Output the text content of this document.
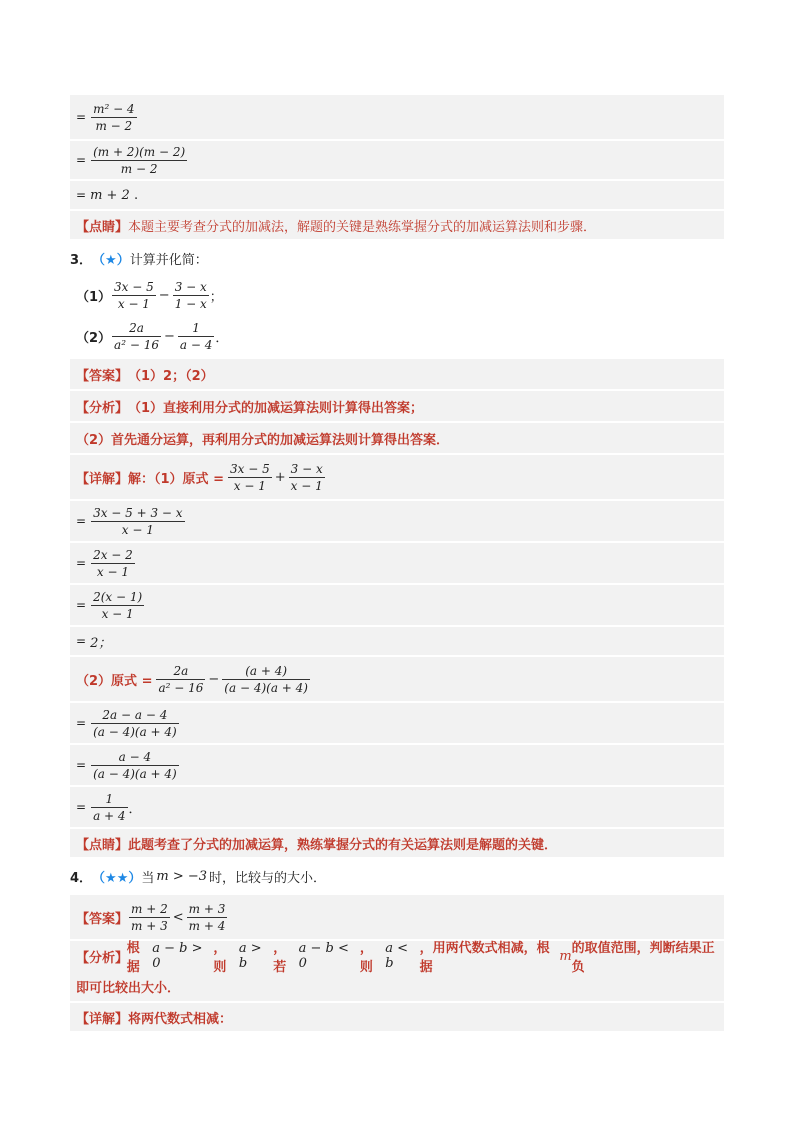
= $\frac{\text{m² − 4}}{m - 2}$
= $\frac{(m + 2)(m - 2)}{m - 2}$
= m + 2 .
【点睛】 本题主要考查分式的加减法，解题的关键是熟练掌握分式的加减运算法则和步骤．
3． （★） 计算并化简：
$(1) \frac{3x - 5}{x - 1} - \frac{3 - x}{1 - x}$ ；
$(2) \frac{2a}{\text{a² − 16}} - \frac{1}{a - 4}$ ．
【答案】 （1）2；（2）
【分析】 （1）直接利用分式的加减运算法则计算得出答案；
（2）首先通分运算，再利用分式的加减运算法则计算得出答案．
【详解】 解：（1）原式 = $\frac{3x - 5}{x - 1} + \frac{3 - x}{x - 1}$
= $\frac{3x - 5 + 3 - x}{x - 1}$
= $\frac{2x - 2}{x - 1}$
= $\frac{2(x - 1)}{x - 1}$
= 2；
（2）原式 = $\frac{2a}{\text{a² − 16}} - \frac{(a + 4)}{(a - 4)(a + 4)}$
= $\frac{2a - a - 4}{(a - 4)(a + 4)}$
= $\frac{a - 4}{(a - 4)(a + 4)}$
= $\frac{1}{a + 4}$ ．
【点睛】 此题考查了分式的加减运算，熟练掌握分式的有关运算法则是解题的关键．
4． （★★） 当 m > −3 时，比较与的大小．
【答案】 $\frac{m + 2}{m + 3} < \frac{m + 3}{m + 4}$
【分析】
根据
a − b > 0
，则
a > b
，若
a − b < 0
，则
a < b
，用两代数式相减，根据
m 的取值范围，判断结果正负
即可比较出大小．
【详解】 将两代数式相减：
